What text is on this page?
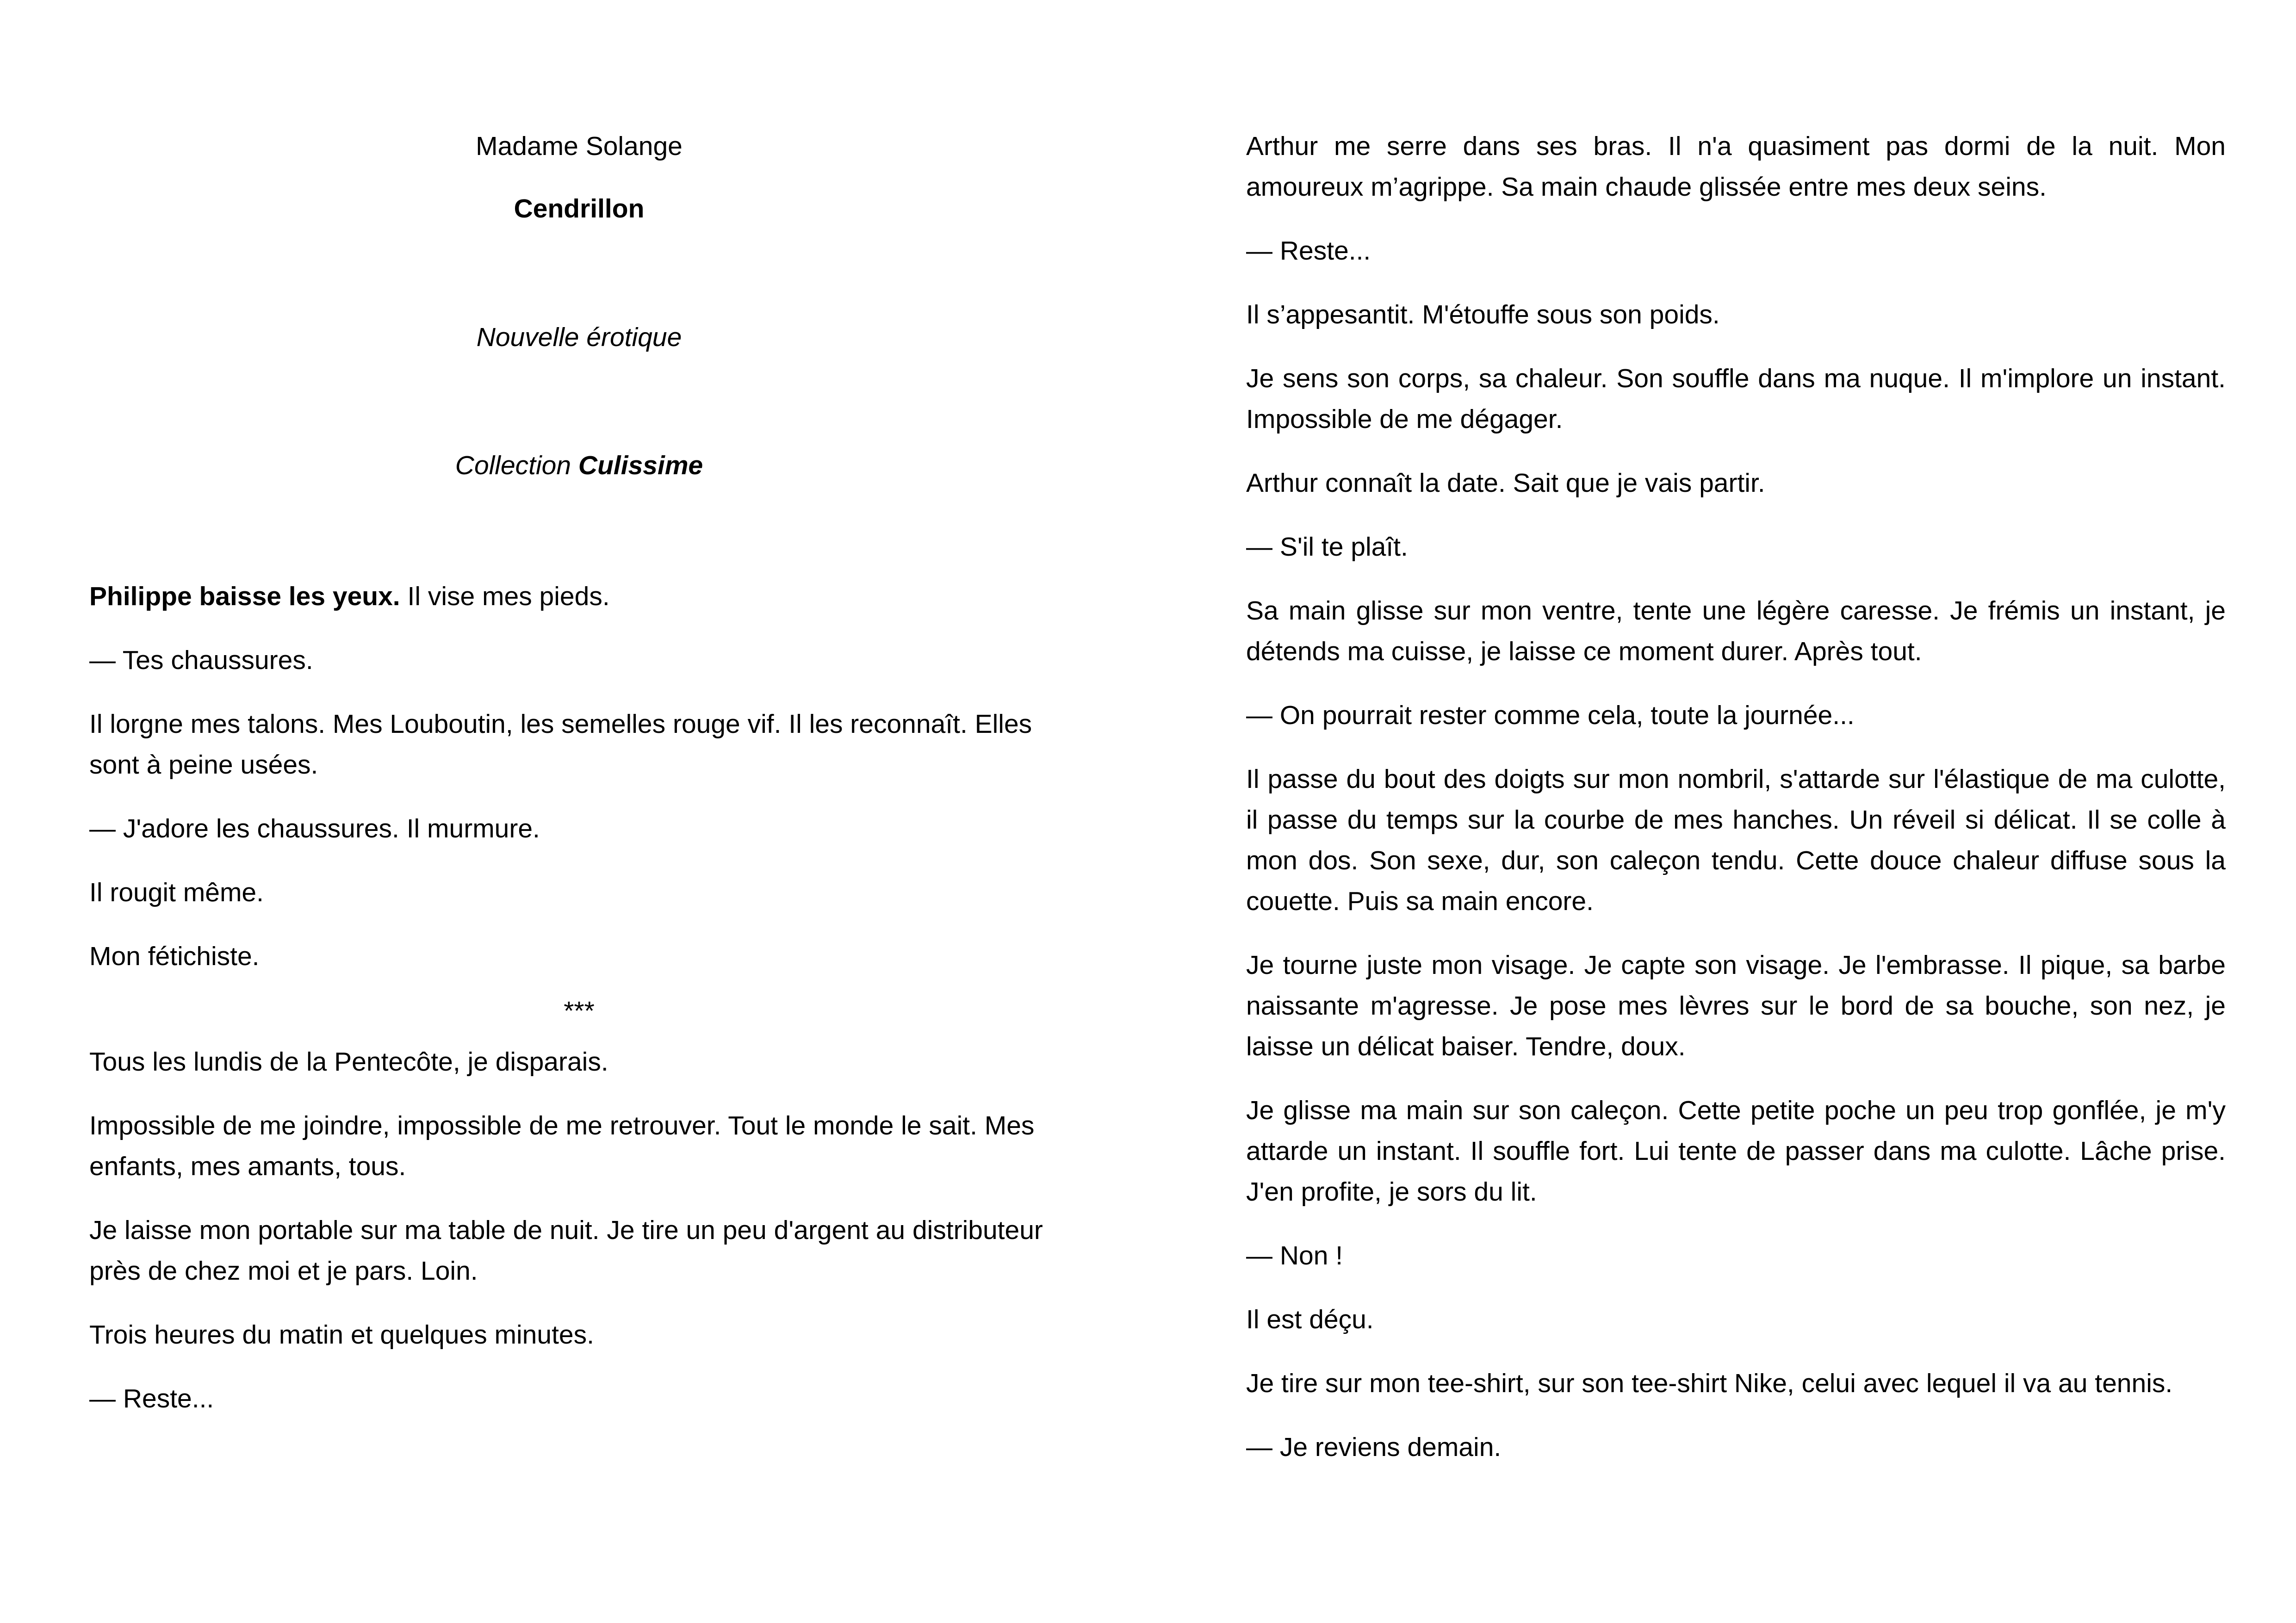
Madame Solange
Cendrillon
Nouvelle érotique
Collection Culissime

Philippe baisse les yeux. Il vise mes pieds.

— Tes chaussures.

Il lorgne mes talons. Mes Louboutin, les semelles rouge vif. Il les reconnaît. Elles sont à peine usées.

— J'adore les chaussures. Il murmure.

Il rougit même.

Mon fétichiste.

***

Tous les lundis de la Pentecôte, je disparais.

Impossible de me joindre, impossible de me retrouver. Tout le monde le sait. Mes enfants, mes amants, tous.

Je laisse mon portable sur ma table de nuit. Je tire un peu d'argent au distributeur près de chez moi et je pars. Loin.

Trois heures du matin et quelques minutes.

— Reste...

Arthur me serre dans ses bras. Il n'a quasiment pas dormi de la nuit. Mon amoureux m’agrippe. Sa main chaude glissée entre mes deux seins.

— Reste...

Il s’appesantit. M'étouffe sous son poids.

Je sens son corps, sa chaleur. Son souffle dans ma nuque. Il m'implore un instant. Impossible de me dégager.

Arthur connaît la date. Sait que je vais partir.

— S'il te plaît.

Sa main glisse sur mon ventre, tente une légère caresse. Je frémis un instant, je détends ma cuisse, je laisse ce moment durer. Après tout.

— On pourrait rester comme cela, toute la journée...

Il passe du bout des doigts sur mon nombril, s'attarde sur l'élastique de ma culotte, il passe du temps sur la courbe de mes hanches. Un réveil si délicat. Il se colle à mon dos. Son sexe, dur, son caleçon tendu. Cette douce chaleur diffuse sous la couette. Puis sa main encore.

Je tourne juste mon visage. Je capte son visage. Je l'embrasse. Il pique, sa barbe naissante m'agresse. Je pose mes lèvres sur le bord de sa bouche, son nez, je laisse un délicat baiser. Tendre, doux.

Je glisse ma main sur son caleçon. Cette petite poche un peu trop gonflée, je m'y attarde un instant. Il souffle fort. Lui tente de passer dans ma culotte. Lâche prise. J'en profite, je sors du lit.

— Non !

Il est déçu.

Je tire sur mon tee-shirt, sur son tee-shirt Nike, celui avec lequel il va au tennis.

— Je reviens demain.
